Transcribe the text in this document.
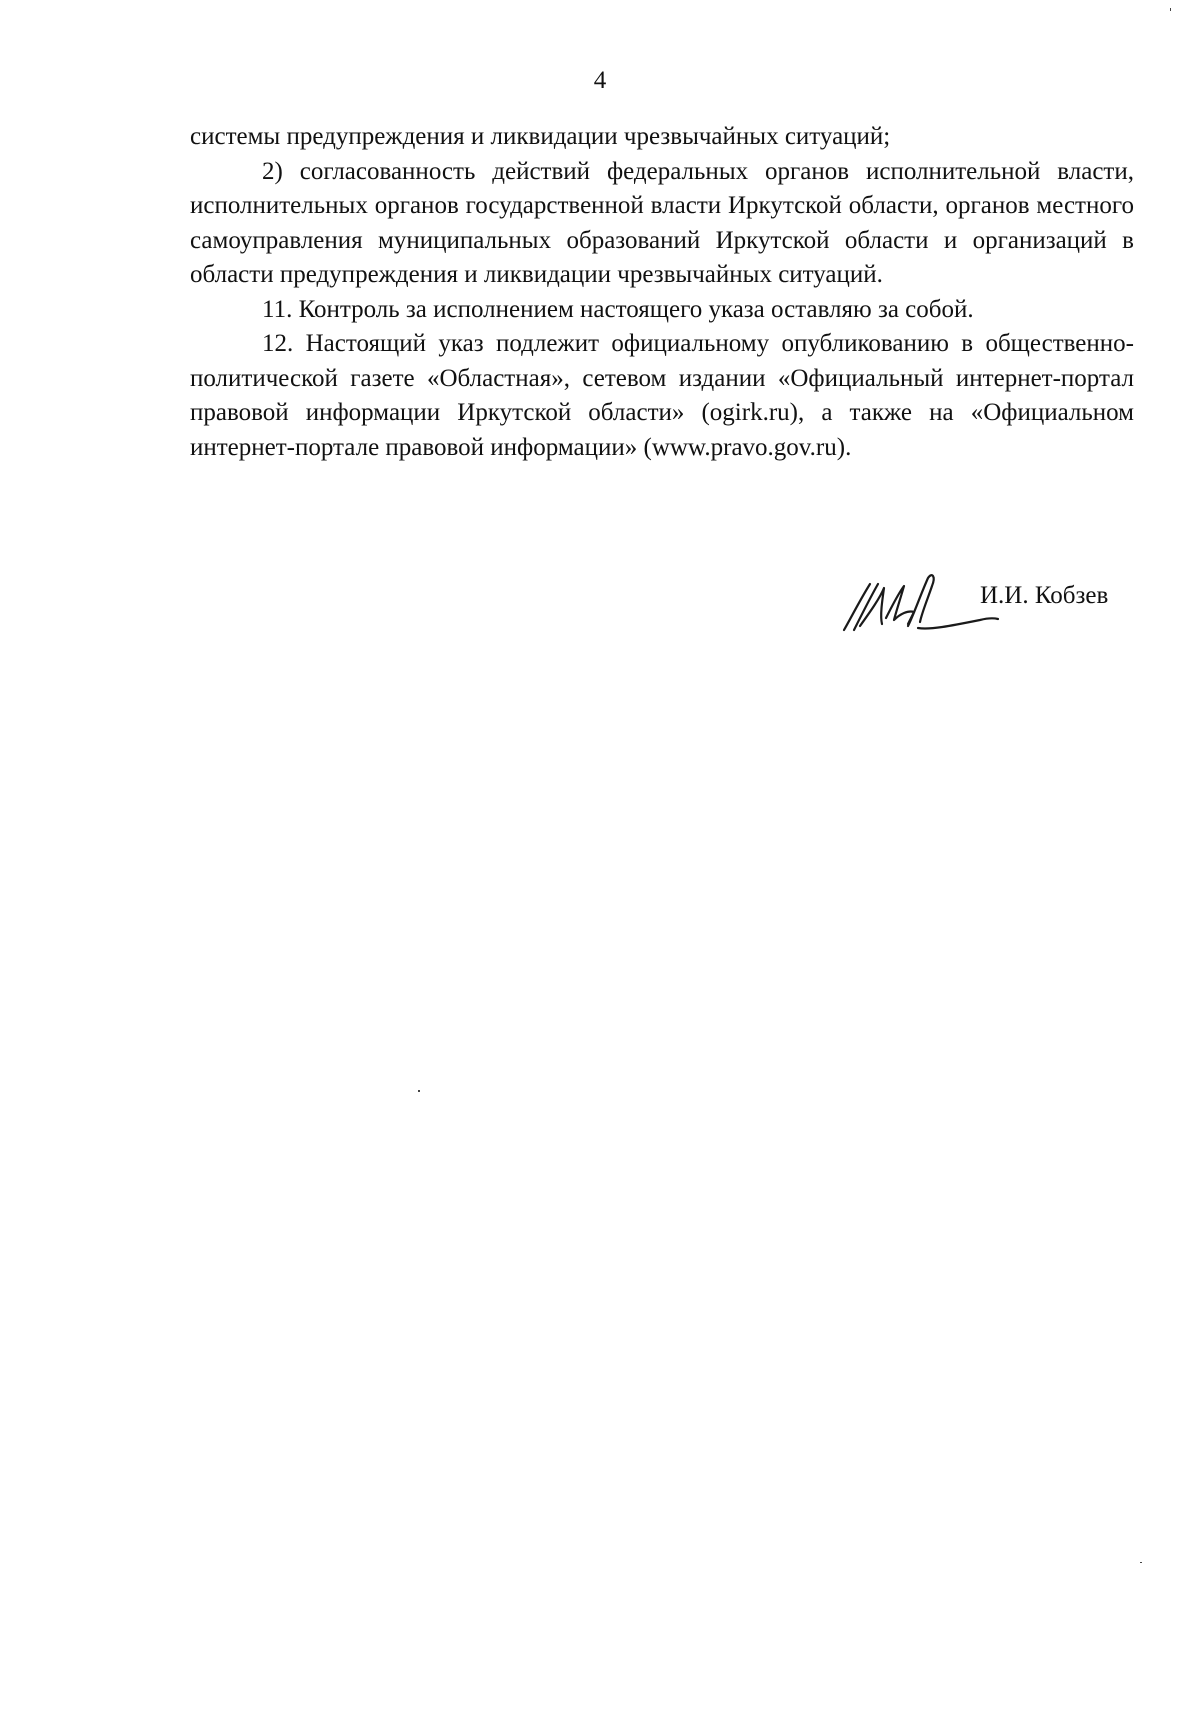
4

системы предупреждения и ликвидации чрезвычайных ситуаций;

2) согласованность действий федеральных органов исполнительной власти, исполнительных органов государственной власти Иркутской области, органов местного самоуправления муниципальных образований Иркутской области и организаций в области предупреждения и ликвидации чрезвычайных ситуаций.

11. Контроль за исполнением настоящего указа оставляю за собой.

12. Настоящий указ подлежит официальному опубликованию в общественно-политической газете «Областная», сетевом издании «Официальный интернет-портал правовой информации Иркутской области» (ogirk.ru), а также на «Официальном интернет-портале правовой информации» (www.pravo.gov.ru).

И.И. Кобзев
